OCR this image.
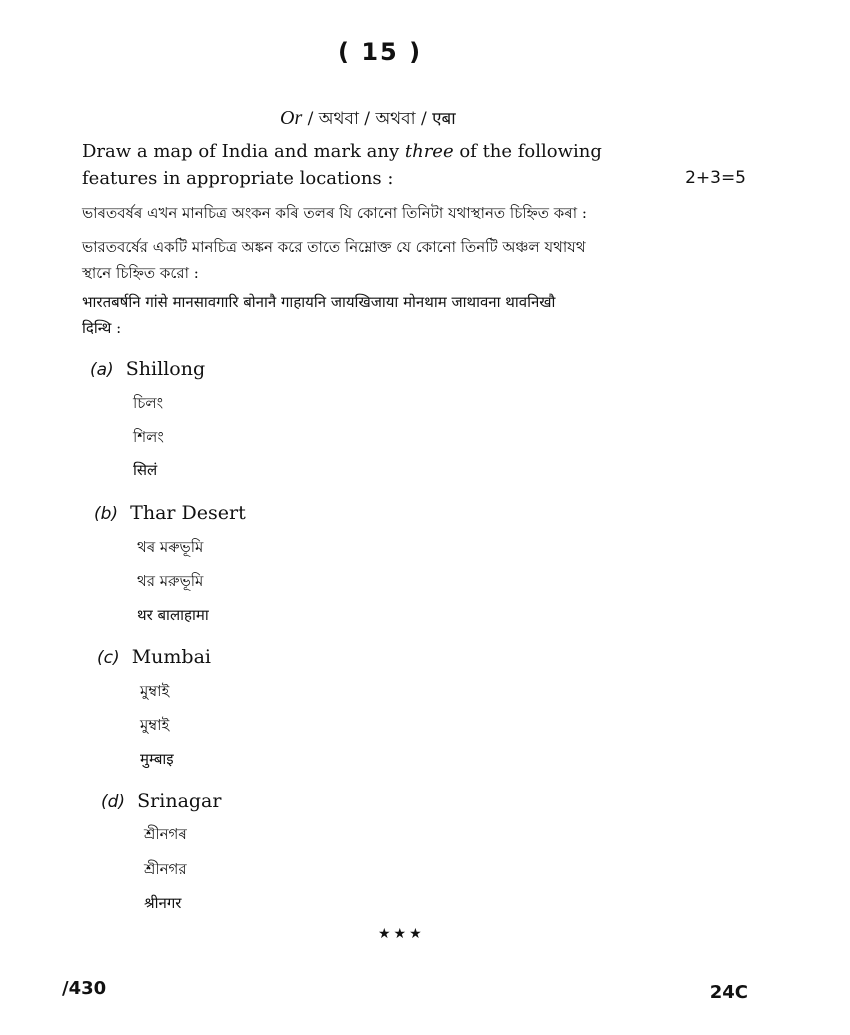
( 15 )
Or / অথবা / অথবা / एबा
Draw a map of India and mark any three of the following
features in appropriate locations :	2+3=5
ভাৰতবৰ্ষৰ এখন মানচিত্ৰ অংকন কৰি তলৰ যি কোনো তিনিটা যথাস্থানত চিহ্নিত কৰা :
ভারতবর্ষের একটি মানচিত্র অঙ্কন করে তাতে নিম্নোক্ত যে কোনো তিনটি অঞ্চল যথাযথ
স্থানে চিহ্নিত করো :
भारतबर्षनि गांसे मानसावगारि बोनानै गाहायनि जायखिजाया मोनथाम जाथावना थावनिखौ
दिन्थि :
(a) Shillong
চিলং
শিলং
सिलं
(b) Thar Desert
থৰ মৰুভূমি
থর মরুভূমি
थर बालाहामा
(c) Mumbai
মুম্বাই
মুম্বাই
मुम्बाइ
(d) Srinagar
শ্ৰীনগৰ
শ্রীনগর
श्रीनगर
★★★
/430	24C
